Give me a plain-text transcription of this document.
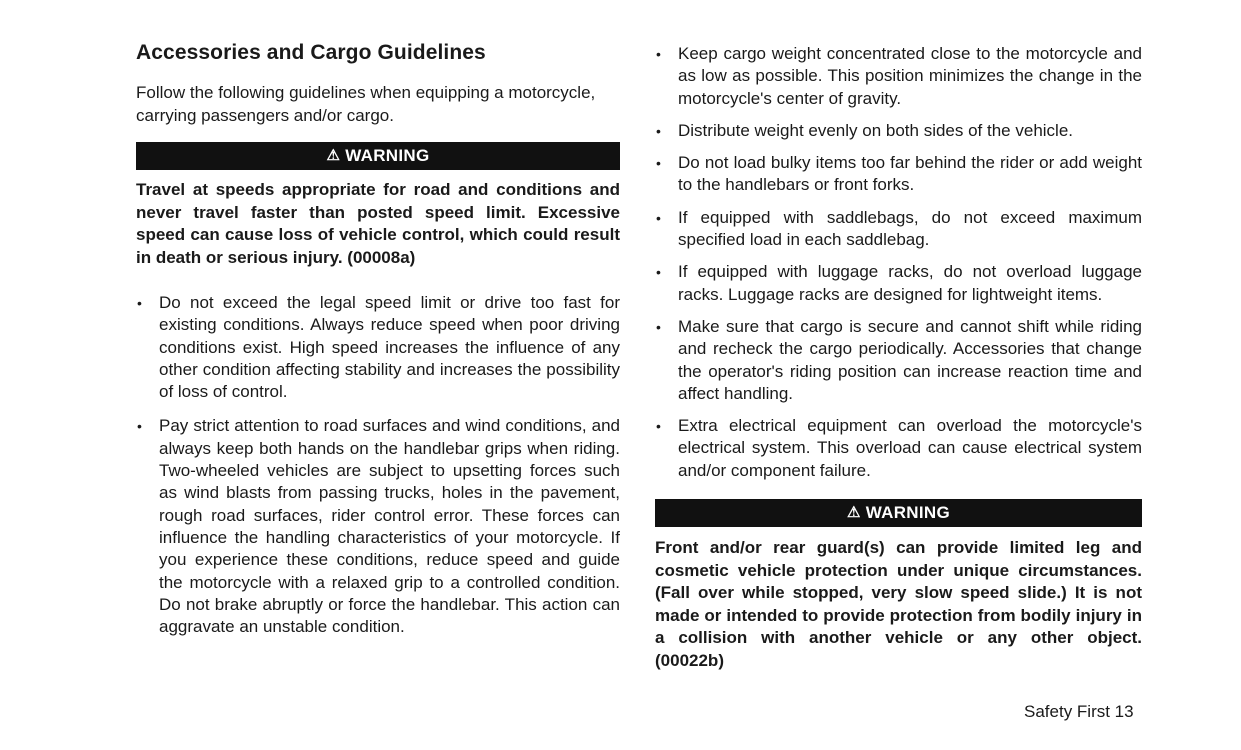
Accessories and Cargo Guidelines

Follow the following guidelines when equipping a motorcycle, carrying passengers and/or cargo.

⚠ WARNING

Travel at speeds appropriate for road and conditions and never travel faster than posted speed limit. Excessive speed can cause loss of vehicle control, which could result in death or serious injury. (00008a)

• Do not exceed the legal speed limit or drive too fast for existing conditions. Always reduce speed when poor driving conditions exist. High speed increases the influence of any other condition affecting stability and increases the possibility of loss of control.
• Pay strict attention to road surfaces and wind conditions, and always keep both hands on the handlebar grips when riding. Two-wheeled vehicles are subject to upsetting forces such as wind blasts from passing trucks, holes in the pavement, rough road surfaces, rider control error. These forces can influence the handling characteristics of your motorcycle. If you experience these conditions, reduce speed and guide the motorcycle with a relaxed grip to a controlled condition. Do not brake abruptly or force the handlebar. This action can aggravate an unstable condition.
• Keep cargo weight concentrated close to the motorcycle and as low as possible. This position minimizes the change in the motorcycle's center of gravity.
• Distribute weight evenly on both sides of the vehicle.
• Do not load bulky items too far behind the rider or add weight to the handlebars or front forks.
• If equipped with saddlebags, do not exceed maximum specified load in each saddlebag.
• If equipped with luggage racks, do not overload luggage racks. Luggage racks are designed for lightweight items.
• Make sure that cargo is secure and cannot shift while riding and recheck the cargo periodically. Accessories that change the operator's riding position can increase reaction time and affect handling.
• Extra electrical equipment can overload the motorcycle's electrical system. This overload can cause electrical system and/or component failure.
⚠ WARNING

Front and/or rear guard(s) can provide limited leg and cosmetic vehicle protection under unique circumstances. (Fall over while stopped, very slow speed slide.) It is not made or intended to provide protection from bodily injury in a collision with another vehicle or any other object. (00022b)

Safety First 13
